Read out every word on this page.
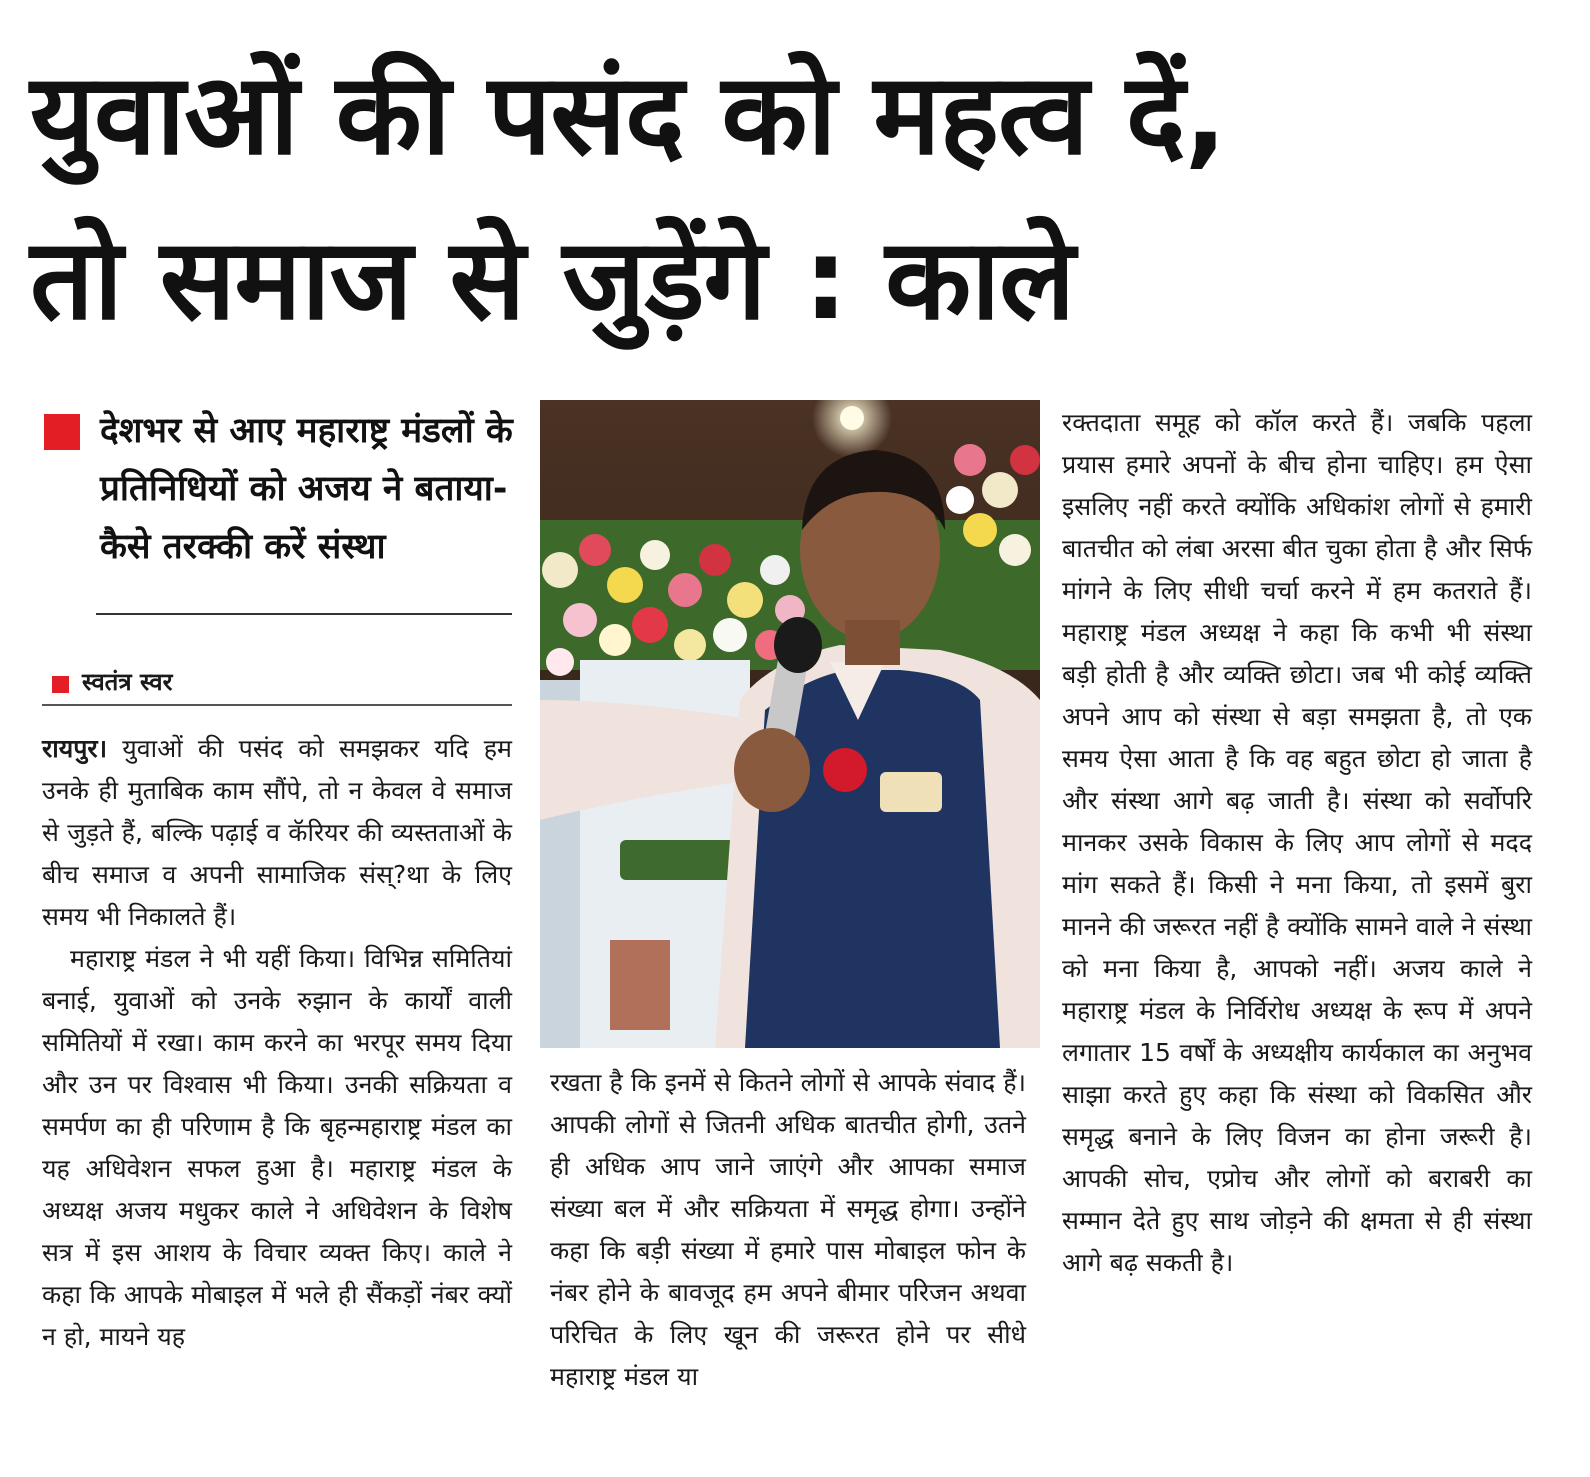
युवाओं की पसंद को महत्व दें,
तो समाज से जुड़ेंगे : काले
देशभर से आए महाराष्ट्र मंडलों के प्रतिनिधियों को अजय ने बताया- कैसे तरक्की करें संस्था

स्वतंत्र स्वर

रायपुर। युवाओं की पसंद को समझकर यदि हम उनके ही मुताबिक काम सौंपे, तो न केवल वे समाज से जुड़ते हैं, बल्कि पढ़ाई व कॅरियर की व्यस्तताओं के बीच समाज व अपनी सामाजिक संस्?था के लिए समय भी निकालते हैं।

महाराष्ट्र मंडल ने भी यहीं किया। विभिन्न समितियां बनाई, युवाओं को उनके रुझान के कार्यों वाली समितियों में रखा। काम करने का भरपूर समय दिया और उन पर विश्वास भी किया। उनकी सक्रियता व समर्पण का ही परिणाम है कि बृहन्महाराष्ट्र मंडल का यह अधिवेशन सफल हुआ है। महाराष्ट्र मंडल के अध्यक्ष अजय मधुकर काले ने अधिवेशन के विशेष सत्र में इस आशय के विचार व्यक्त किए। काले ने कहा कि आपके मोबाइल में भले ही सैंकड़ों नंबर क्यों न हो, मायने यह

रखता है कि इनमें से कितने लोगों से आपके संवाद हैं। आपकी लोगों से जितनी अधिक बातचीत होगी, उतने ही अधिक आप जाने जाएंगे और आपका समाज संख्या बल में और सक्रियता में समृद्ध होगा। उन्होंने कहा कि बड़ी संख्या में हमारे पास मोबाइल फोन के नंबर होने के बावजूद हम अपने बीमार परिजन अथवा परिचित के लिए खून की जरूरत होने पर सीधे महाराष्ट्र मंडल या

रक्तदाता समूह को कॉल करते हैं। जबकि पहला प्रयास हमारे अपनों के बीच होना चाहिए। हम ऐसा इसलिए नहीं करते क्योंकि अधिकांश लोगों से हमारी बातचीत को लंबा अरसा बीत चुका होता है और सिर्फ मांगने के लिए सीधी चर्चा करने में हम कतराते हैं। महाराष्ट्र मंडल अध्यक्ष ने कहा कि कभी भी संस्था बड़ी होती है और व्यक्ति छोटा। जब भी कोई व्यक्ति अपने आप को संस्था से बड़ा समझता है, तो एक समय ऐसा आता है कि वह बहुत छोटा हो जाता है और संस्था आगे बढ़ जाती है। संस्था को सर्वोपरि मानकर उसके विकास के लिए आप लोगों से मदद मांग सकते हैं। किसी ने मना किया, तो इसमें बुरा मानने की जरूरत नहीं है क्योंकि सामने वाले ने संस्था को मना किया है, आपको नहीं। अजय काले ने महाराष्ट्र मंडल के निर्विरोध अध्यक्ष के रूप में अपने लगातार 15 वर्षों के अध्यक्षीय कार्यकाल का अनुभव साझा करते हुए कहा कि संस्था को विकसित और समृद्ध बनाने के लिए विजन का होना जरूरी है। आपकी सोच, एप्रोच और लोगों को बराबरी का सम्मान देते हुए साथ जोड़ने की क्षमता से ही संस्था आगे बढ़ सकती है।
